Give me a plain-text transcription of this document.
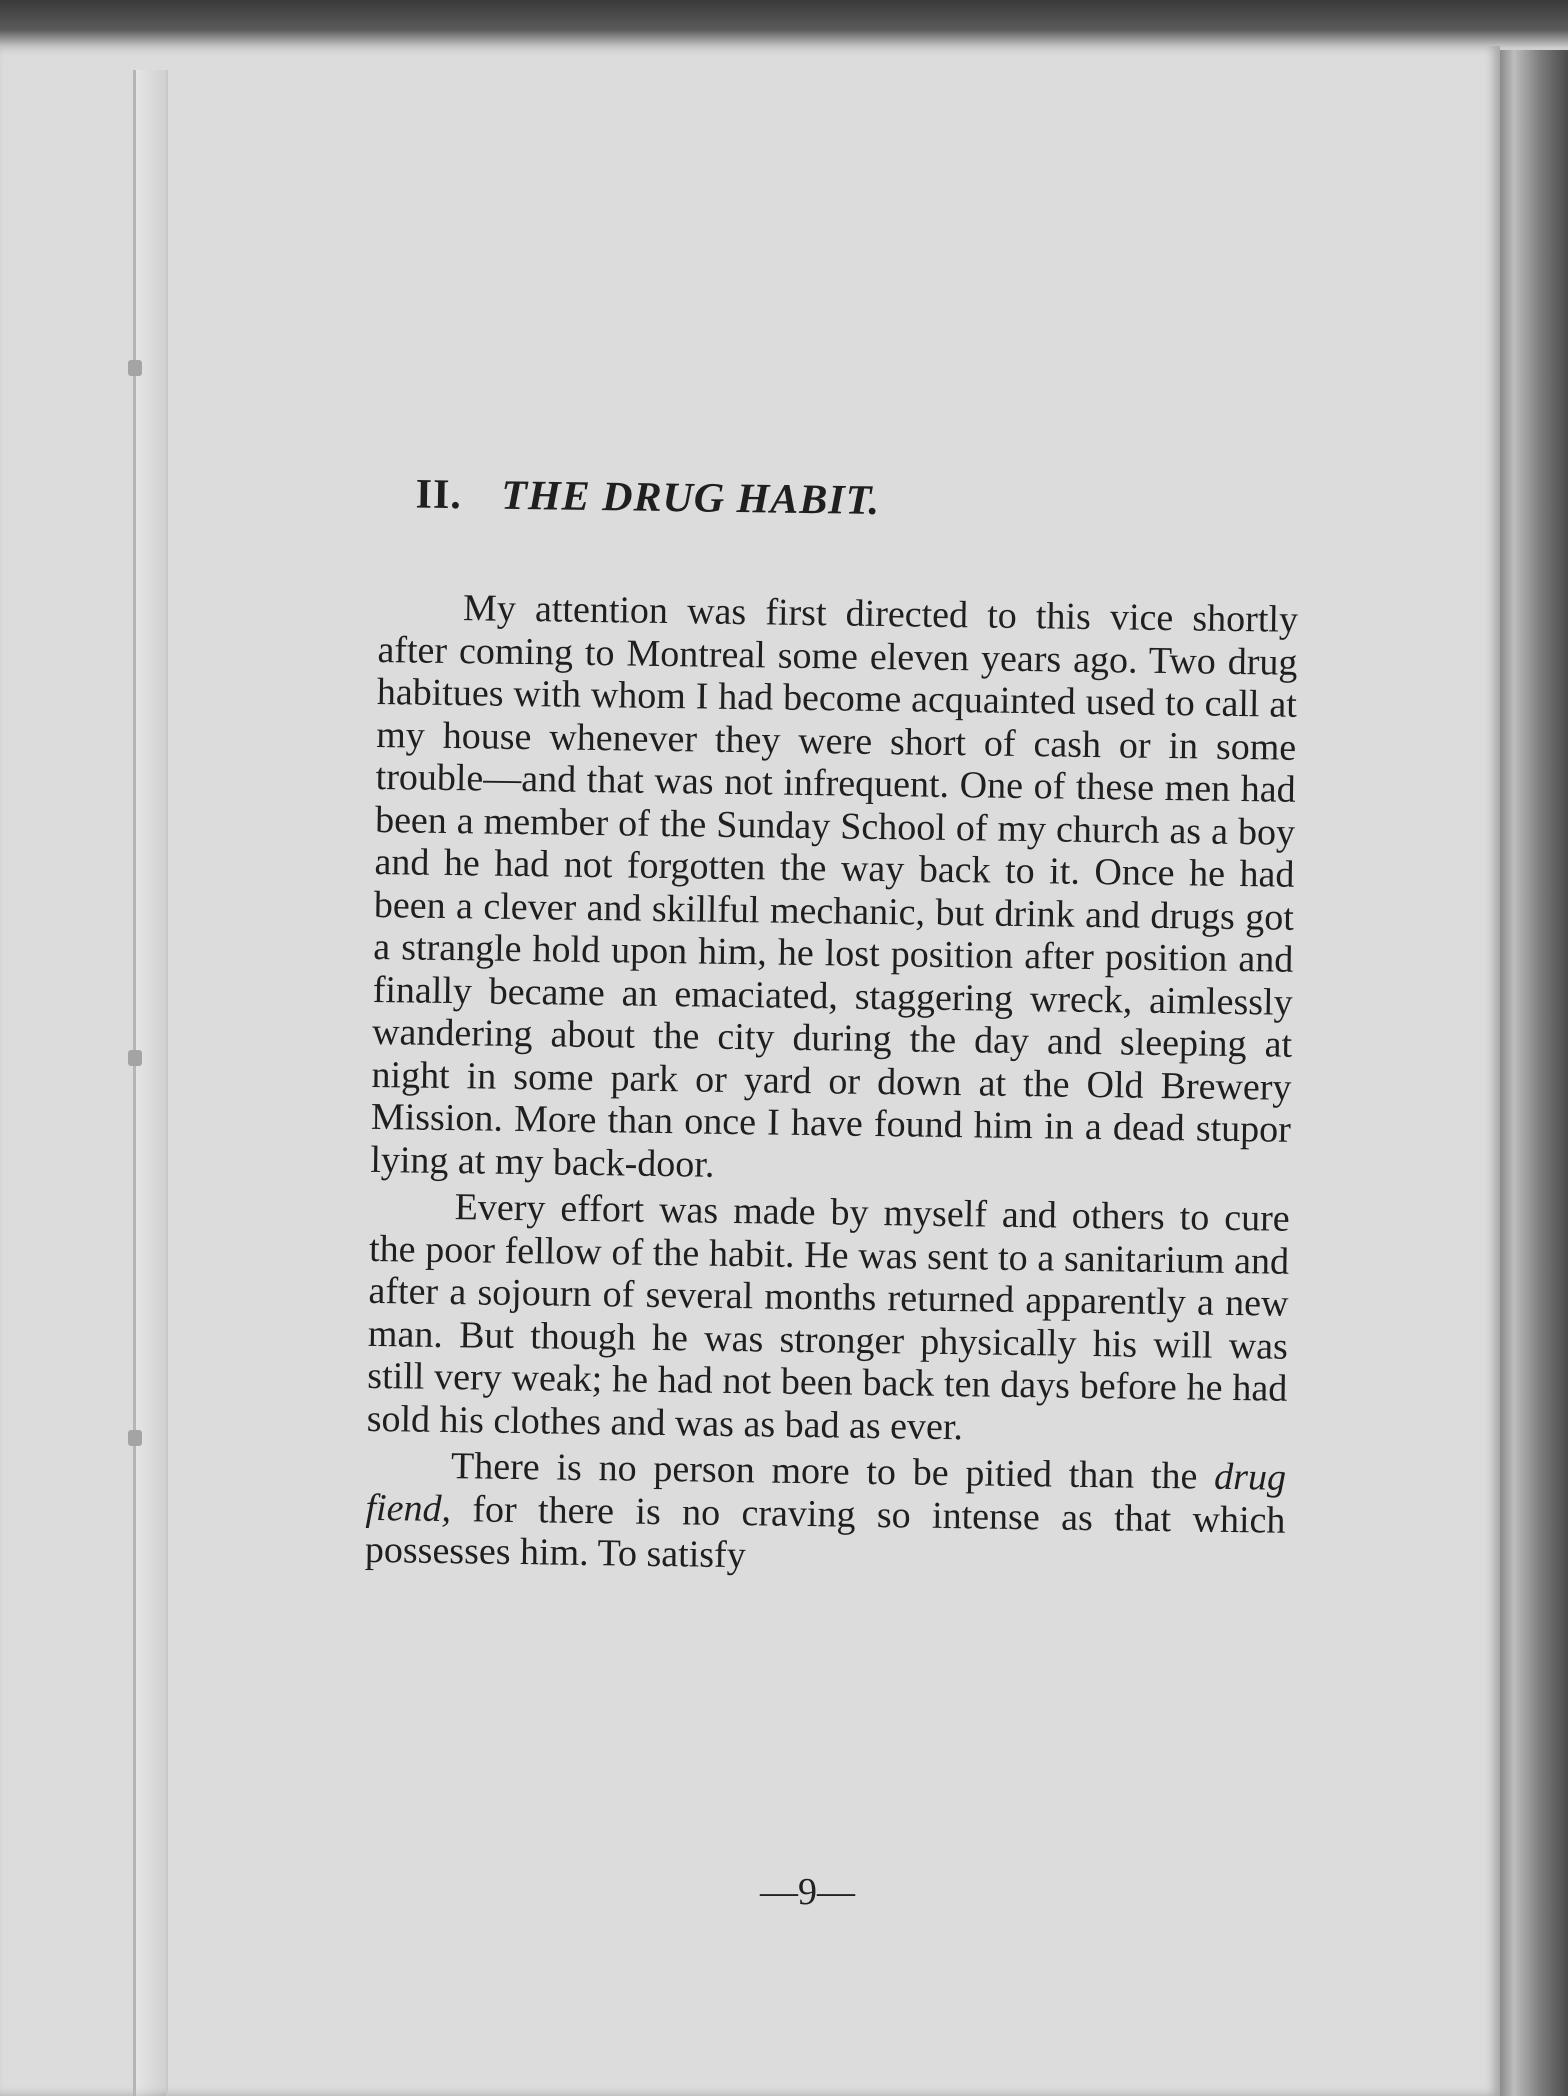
II. THE DRUG HABIT.

My attention was first directed to this vice shortly after coming to Montreal some eleven years ago. Two drug habitues with whom I had become acquainted used to call at my house whenever they were short of cash or in some trouble—and that was not infrequent. One of these men had been a member of the Sunday School of my church as a boy and he had not forgotten the way back to it. Once he had been a clever and skillful mechanic, but drink and drugs got a strangle hold upon him, he lost position after position and finally became an emaciated, staggering wreck, aimlessly wandering about the city during the day and sleeping at night in some park or yard or down at the Old Brewery Mission. More than once I have found him in a dead stupor lying at my back-door.

Every effort was made by myself and others to cure the poor fellow of the habit. He was sent to a sanitarium and after a sojourn of several months returned apparently a new man. But though he was stronger physically his will was still very weak; he had not been back ten days before he had sold his clothes and was as bad as ever.

There is no person more to be pitied than the drug fiend, for there is no craving so intense as that which possesses him. To satisfy

—9—
